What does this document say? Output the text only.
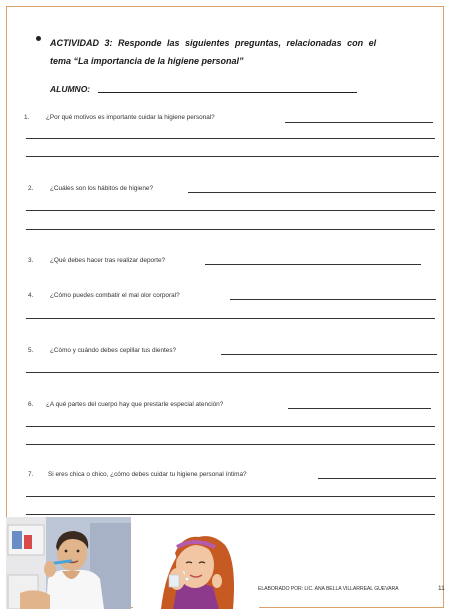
ACTIVIDAD 3: Responde las siguientes preguntas, relacionadas con el
tema “La importancia de la higiene personal”
ALUMNO:
1.	¿Por qué motivos es importante cuidar la higiene personal?
2.	¿Cuáles son los hábitos de higiene?
3.	¿Qué debes hacer tras realizar deporte?
4.	¿Cómo puedes combatir el mal olor corporal?
5.	¿Cómo y cuándo debes cepillar tus dientes?
6. ¿A qué partes del cuerpo hay que prestarle especial atención?
7. Si eres chica o chico, ¿cómo debes cuidar tu higiene personal íntima?
ELABORADO POR: LIC. ANA BELLA VILLARREAL GUEVARA	11
